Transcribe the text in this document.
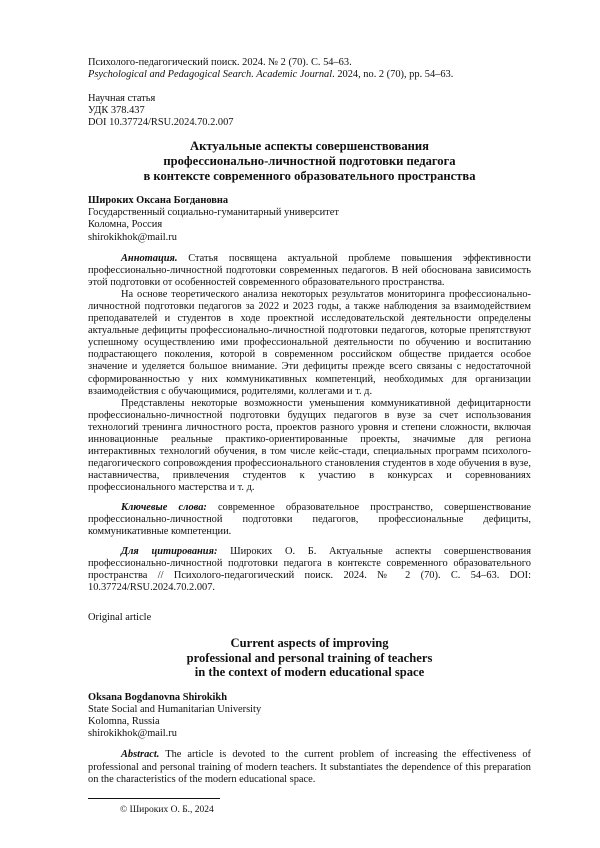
Психолого-педагогический поиск. 2024. № 2 (70). С. 54–63.

Psychological and Pedagogical Search. Academic Journal. 2024, no. 2 (70), pp. 54–63.

Научная статья

УДК 378.437

DOI 10.37724/RSU.2024.70.2.007

Актуальные аспекты совершенствования

профессионально-личностной подготовки педагога

в контексте современного образовательного пространства

Широких Оксана Богдановна

Государственный социально-гуманитарный университет

Коломна, Россия

shirokikhok@mail.ru

Аннотация. Статья посвящена актуальной проблеме повышения эффективности профессионально-личностной подготовки современных педагогов. В ней обоснована зависимость этой подготовки от особенностей современного образовательного пространства.

На основе теоретического анализа некоторых результатов мониторинга профессионально-личностной подготовки педагогов за 2022 и 2023 годы, а также наблюдения за взаимодействием преподавателей и студентов в ходе проектной исследовательской деятельности определены актуальные дефициты профессионально-личностной подготовки педагогов, которые препятствуют успешному осуществлению ими профессиональной деятельности по обучению и воспитанию подрастающего поколения, которой в современном российском обществе придается особое значение и уделяется большое внимание. Эти дефициты прежде всего связаны с недостаточной сформированностью у них коммуникативных компетенций, необходимых для организации взаимодействия с обучающимися, родителями, коллегами и т. д.

Представлены некоторые возможности уменьшения коммуникативной дефицитарности профессионально-личностной подготовки будущих педагогов в вузе за счет использования технологий тренинга личностного роста, проектов разного уровня и степени сложности, включая инновационные реальные практико-ориентированные проекты, значимые для региона интерактивных технологий обучения, в том числе кейс-стади, специальных программ психолого-педагогического сопровождения профессионального становления студентов в ходе обучения в вузе, наставничества, привлечения студентов к участию в конкурсах и соревнованиях профессионального мастерства и т. д.

Ключевые слова: современное образовательное пространство, совершенствование профессионально-личностной подготовки педагогов, профессиональные дефициты, коммуникативные компетенции.

Для цитирования: Широких О. Б. Актуальные аспекты совершенствования профессионально-личностной подготовки педагога в контексте современного образовательного пространства // Психолого-педагогический поиск. 2024. № 2 (70). С. 54–63. DOI: 10.37724/RSU.2024.70.2.007.

Original article

Current aspects of improving

professional and personal training of teachers

in the context of modern educational space

Oksana Bogdanovna Shirokikh

State Social and Humanitarian University

Kolomna, Russia

shirokikhok@mail.ru

Abstract. The article is devoted to the current problem of increasing the effectiveness of professional and personal training of modern teachers. It substantiates the dependence of this preparation on the characteristics of the modern educational space.

© Широких О. Б., 2024
